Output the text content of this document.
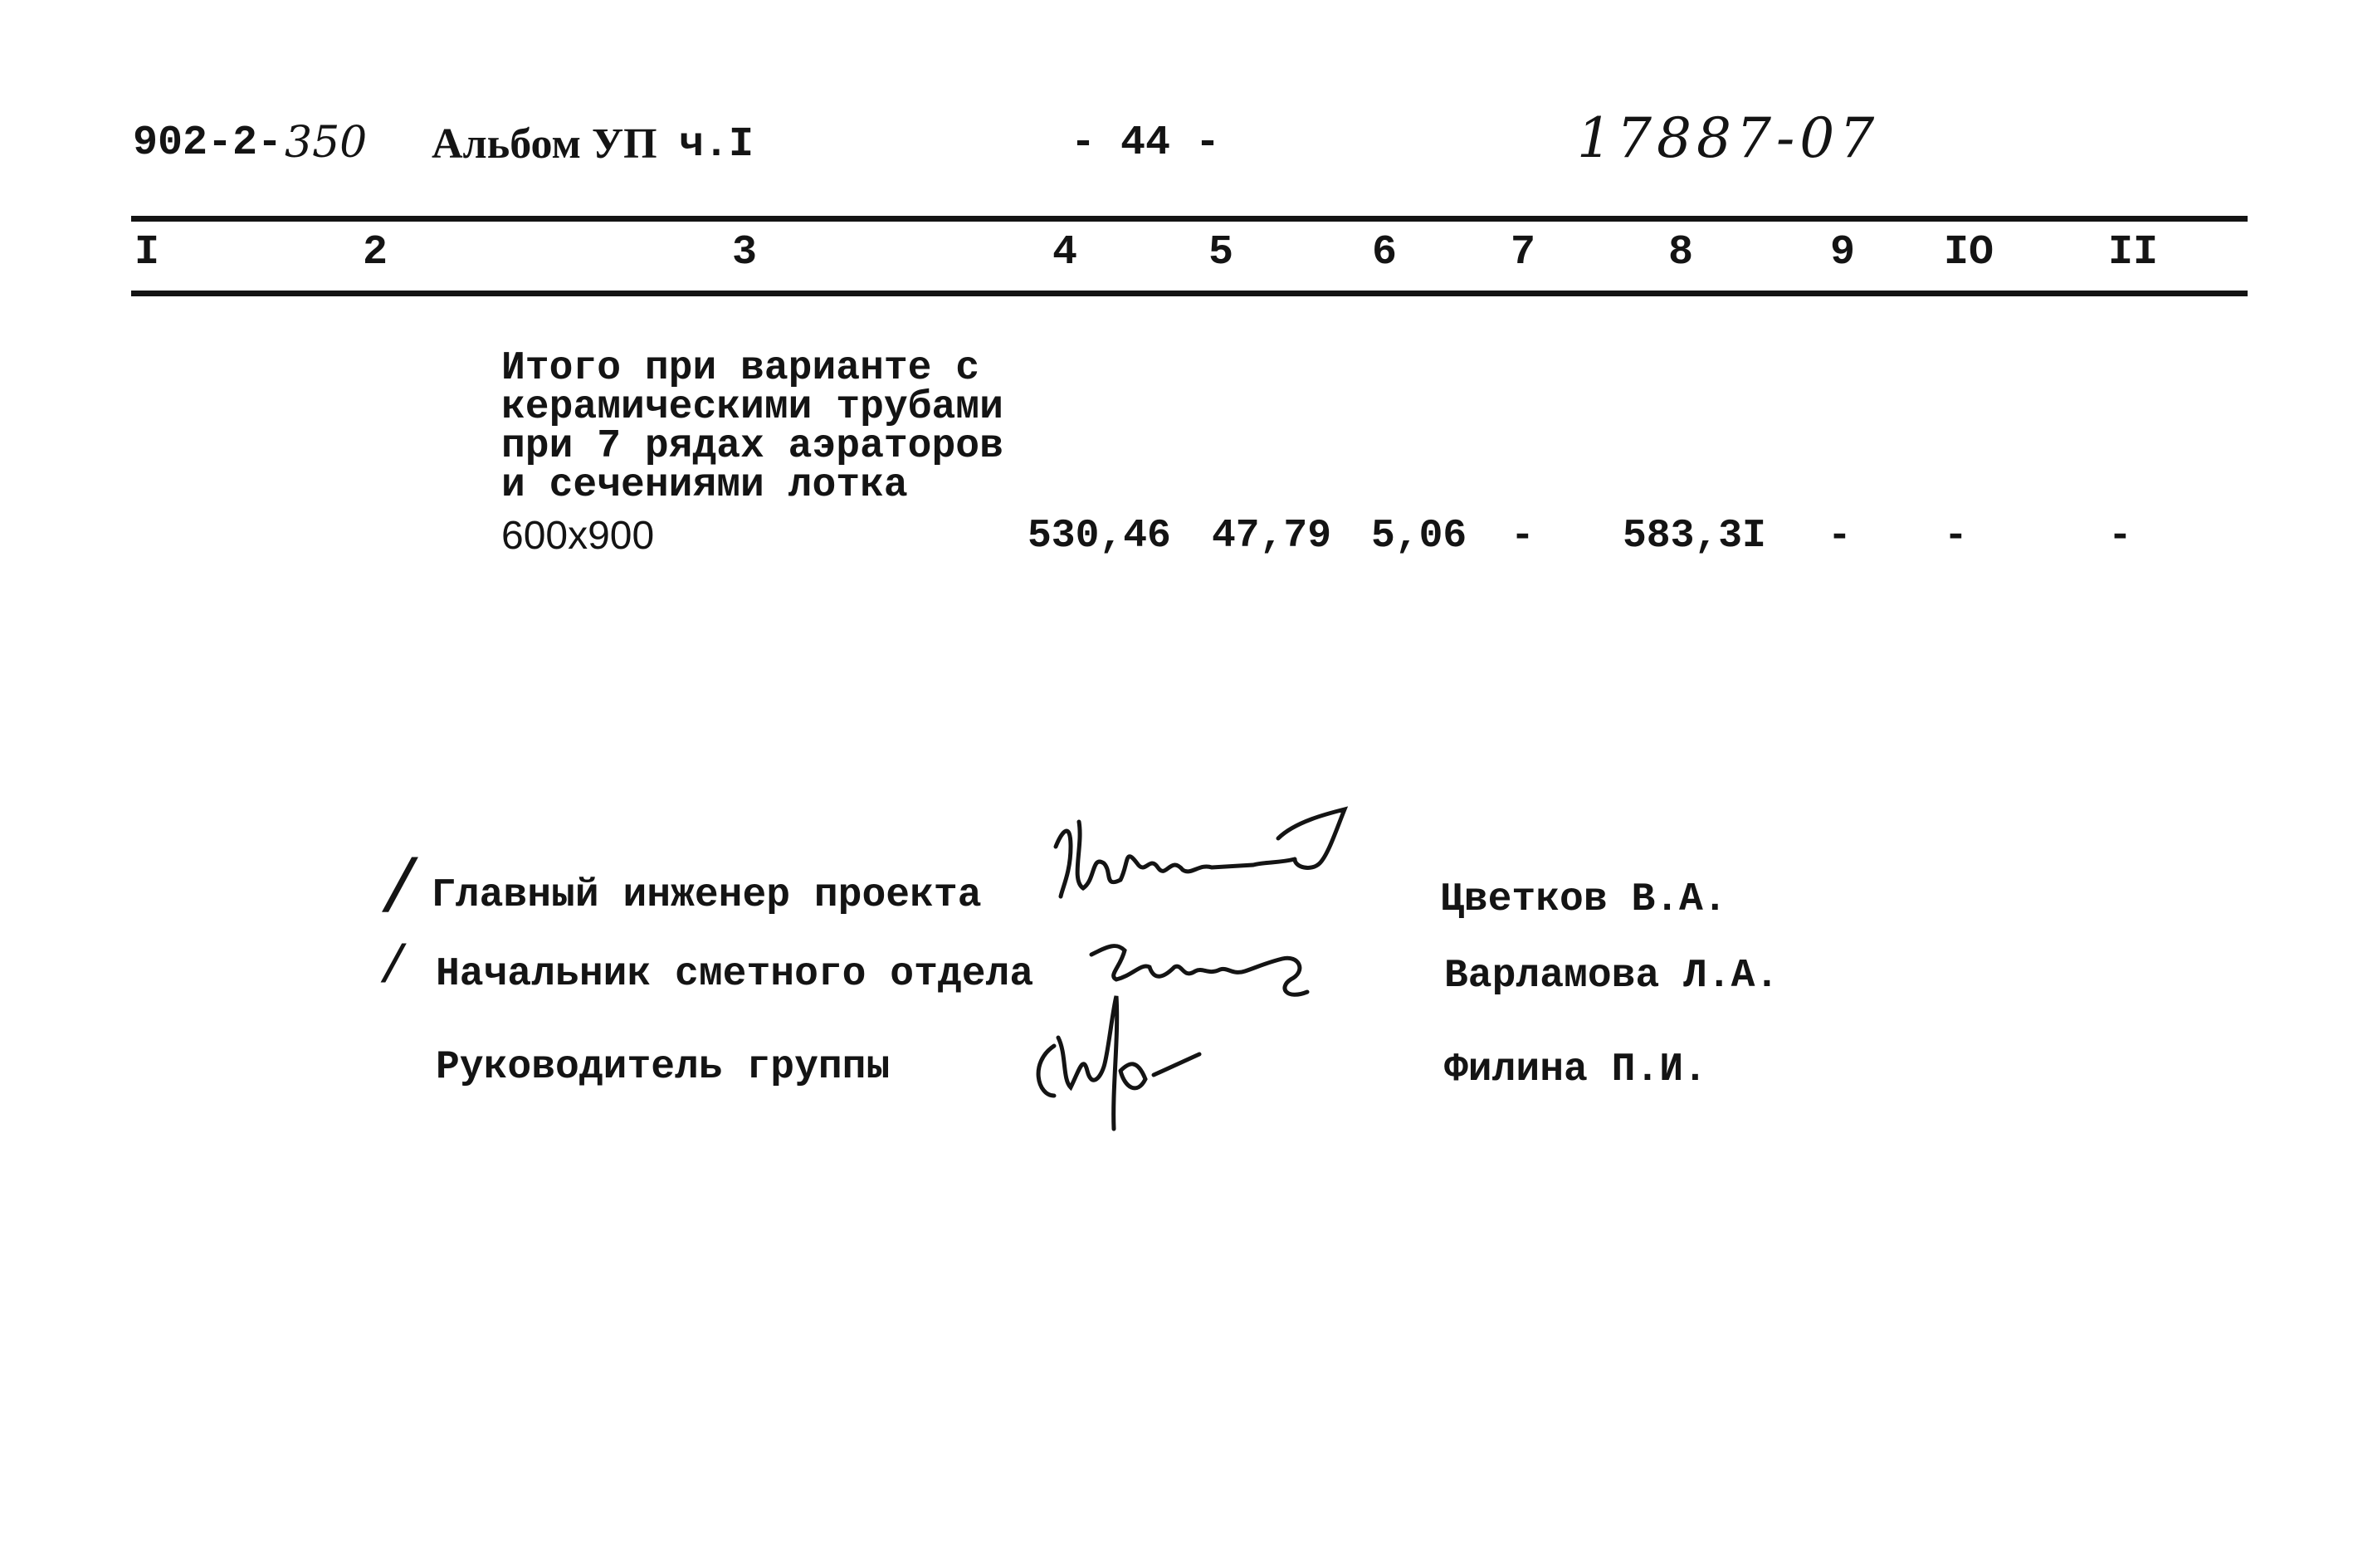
902-2- 350 Альбом УП ч.I	- 44 -	17887-07
I	2	3	4	5	6	7	8	9 IO	II
Итого при варианте с
керамическими трубами
при 7 рядах аэраторов
и сечениями лотка
600х900	530,46 47,79 5,06 - 583,3I - -	-
/ Главный инженер проекта	Цветков В.А.
/ Начальник сметного отдела	Варламова Л.А.
Руководитель группы	Филина П.И.
